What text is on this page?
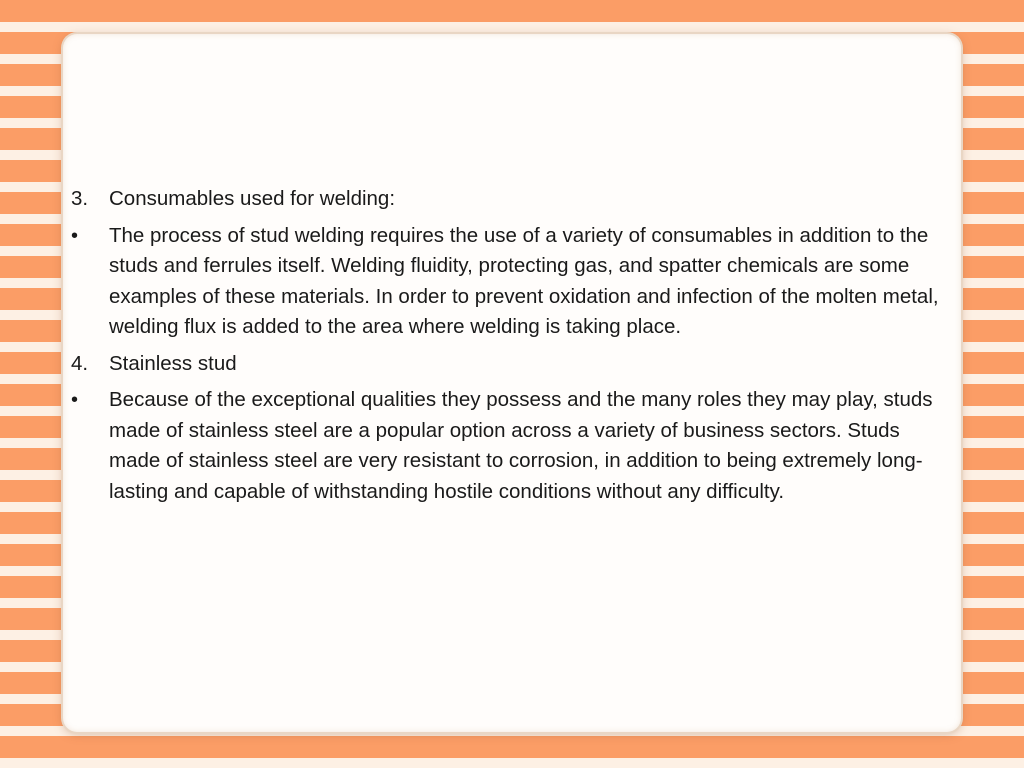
3.	Consumables used for welding:
•	The process of stud welding requires the use of a variety of consumables in addition to the studs and ferrules itself. Welding fluidity, protecting gas, and spatter chemicals are some examples of these materials. In order to prevent oxidation and infection of the molten metal, welding flux is added to the area where welding is taking place.
4.	Stainless stud
•	Because of the exceptional qualities they possess and the many roles they may play, studs made of stainless steel are a popular option across a variety of business sectors. Studs made of stainless steel are very resistant to corrosion, in addition to being extremely long-lasting and capable of withstanding hostile conditions without any difficulty.
